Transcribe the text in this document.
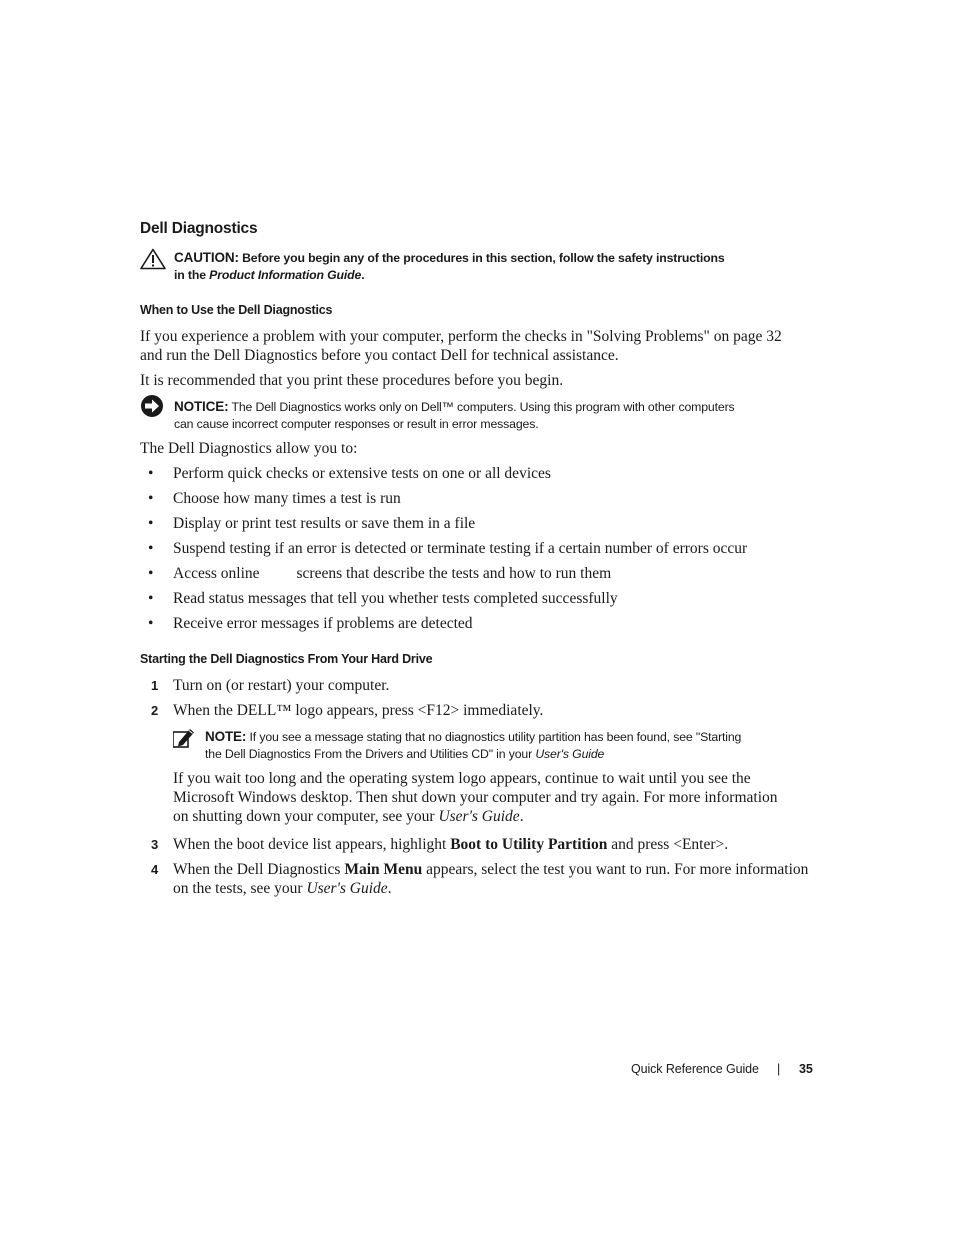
Dell Diagnostics
CAUTION: Before you begin any of the procedures in this section, follow the safety instructions
in the Product Information Guide.
When to Use the Dell Diagnostics
If you experience a problem with your computer, perform the checks in "Solving Problems" on page 32
and run the Dell Diagnostics before you contact Dell for technical assistance.
It is recommended that you print these procedures before you begin.
NOTICE: The Dell Diagnostics works only on Dell™ computers. Using this program with other computers
can cause incorrect computer responses or result in error messages.
The Dell Diagnostics allow you to:
• Perform quick checks or extensive tests on one or all devices
• Choose how many times a test is run
• Display or print test results or save them in a file
• Suspend testing if an error is detected or terminate testing if a certain number of errors occur
• Access online screens that describe the tests and how to run them
• Read status messages that tell you whether tests completed successfully
• Receive error messages if problems are detected
Starting the Dell Diagnostics From Your Hard Drive
1 Turn on (or restart) your computer.
2 When the DELL™ logo appears, press <F12> immediately.
NOTE: If you see a message stating that no diagnostics utility partition has been found, see "Starting
the Dell Diagnostics From the Drivers and Utilities CD" in your User's Guide
If you wait too long and the operating system logo appears, continue to wait until you see the
Microsoft Windows desktop. Then shut down your computer and try again. For more information
on shutting down your computer, see your User's Guide.
3 When the boot device list appears, highlight Boot to Utility Partition and press <Enter>.
4 When the Dell Diagnostics Main Menu appears, select the test you want to run. For more information
on the tests, see your User's Guide.
Quick Reference Guide | 35
